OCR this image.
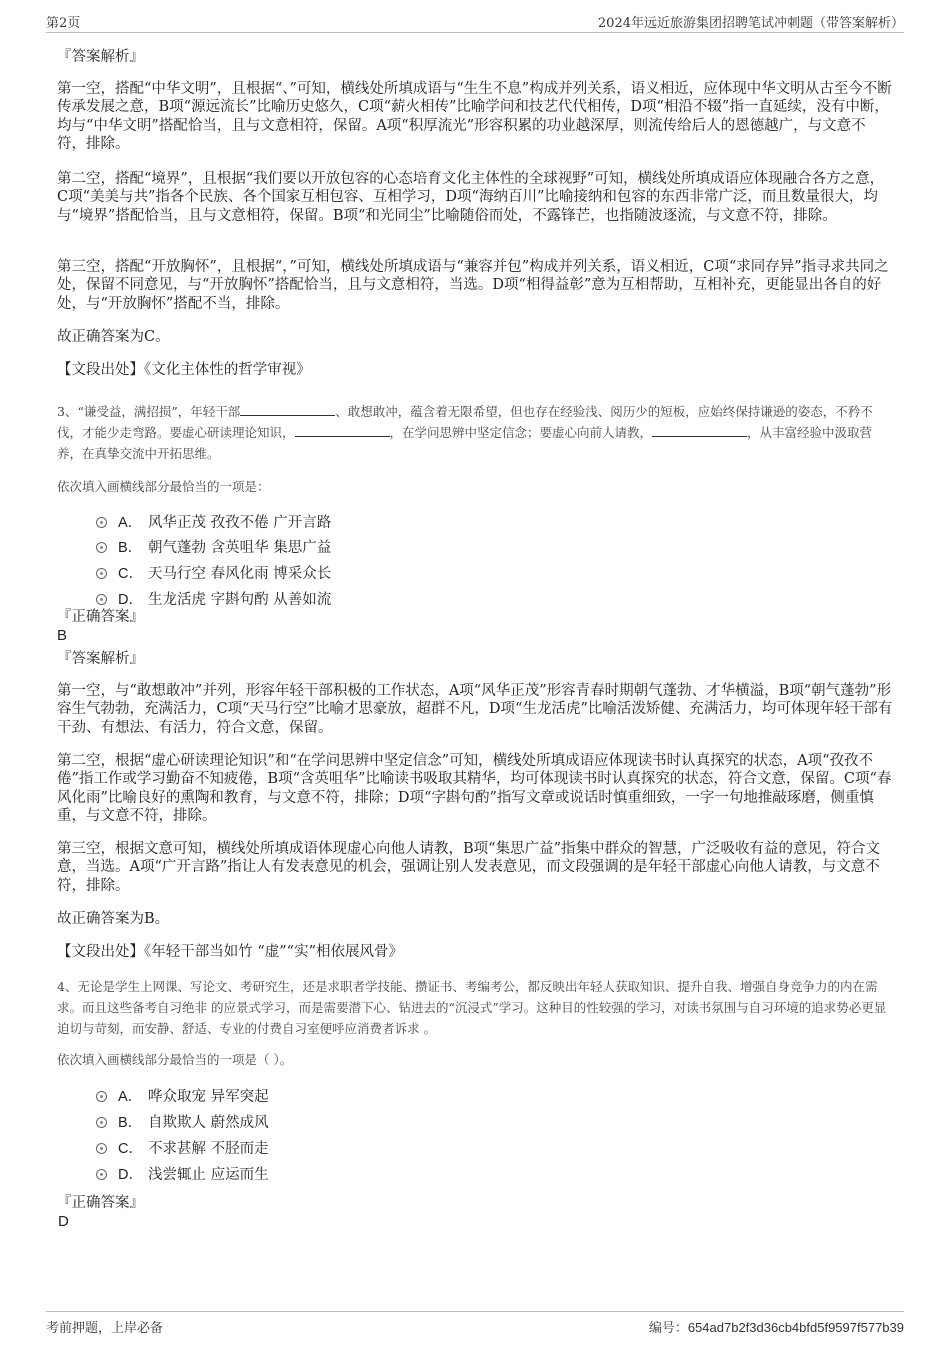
第2页	2024年远近旅游集团招聘笔试冲刺题（带答案解析）

『答案解析』

第一空，搭配“中华文明”，且根据“、”可知，横线处所填成语与“生生不息”构成并列关系，语义相近，应体现中华文明从古至今不断传承发展之意，B项“源远流长”比喻历史悠久，C项“薪火相传”比喻学问和技艺代代相传，D项“相沿不辍”指一直延续，没有中断，均与“中华文明”搭配恰当，且与文意相符，保留。A项“积厚流光”形容积累的功业越深厚，则流传给后人的恩德越广，与文意不符，排除。

第二空，搭配“境界”，且根据“我们要以开放包容的心态培育文化主体性的全球视野”可知，横线处所填成语应体现融合各方之意，C项“美美与共”指各个民族、各个国家互相包容、互相学习，D项“海纳百川”比喻接纳和包容的东西非常广泛，而且数量很大，均与“境界”搭配恰当，且与文意相符，保留。B项“和光同尘”比喻随俗而处，不露锋芒，也指随波逐流，与文意不符，排除。

第三空，搭配“开放胸怀”，且根据“，”可知，横线处所填成语与“兼容并包”构成并列关系，语义相近，C项“求同存异”指寻求共同之处，保留不同意见，与“开放胸怀”搭配恰当，且与文意相符，当选。D项“相得益彰”意为互相帮助，互相补充，更能显出各自的好处，与“开放胸怀”搭配不当，排除。

故正确答案为C。

【文段出处】《文化主体性的哲学审视》

3、“谦受益，满招损”，年轻干部	、敢想敢冲，蕴含着无限希望，但也存在经验浅、阅历少的短板，应始终保持谦逊的姿态，不矜不伐，才能少走弯路。要虚心研读理论知识，	，在学问思辨中坚定信念；要虚心向前人请教，	，从丰富经验中汲取营养，在真挚交流中开拓思维。

依次填入画横线部分最恰当的一项是：

A． 风华正茂 孜孜不倦 广开言路
B． 朝气蓬勃 含英咀华 集思广益
C． 天马行空 春风化雨 博采众长
D． 生龙活虎 字斟句酌 从善如流

『正确答案』

B

『答案解析』

第一空，与“敢想敢冲”并列，形容年轻干部积极的工作状态，A项“风华正茂”形容青春时期朝气蓬勃、才华横溢，B项“朝气蓬勃”形容生气勃勃，充满活力，C项“天马行空”比喻才思豪放，超群不凡，D项“生龙活虎”比喻活泼矫健、充满活力，均可体现年轻干部有干劲、有想法、有活力，符合文意，保留。

第二空，根据“虚心研读理论知识”和“在学问思辨中坚定信念”可知，横线处所填成语应体现读书时认真探究的状态，A项“孜孜不倦”指工作或学习勤奋不知疲倦，B项“含英咀华”比喻读书吸取其精华，均可体现读书时认真探究的状态，符合文意，保留。C项“春风化雨”比喻良好的熏陶和教育，与文意不符，排除；D项“字斟句酌”指写文章或说话时慎重细致，一字一句地推敲琢磨，侧重慎重，与文意不符，排除。

第三空，根据文意可知，横线处所填成语体现虚心向他人请教，B项“集思广益”指集中群众的智慧，广泛吸收有益的意见，符合文意，当选。A项“广开言路”指让人有发表意见的机会，强调让别人发表意见，而文段强调的是年轻干部虚心向他人请教，与文意不符，排除。

故正确答案为B。

【文段出处】《年轻干部当如竹 “虚”“实”相依展风骨》

4、无论是学生上网课、写论文、考研究生，还是求职者学技能、攒证书、考编考公，都反映出年轻人获取知识、提升自我、增强自身竞争力的内在需求。而且这些备考自习绝非 的应景式学习，而是需要潜下心、钻进去的“沉浸式”学习。这种目的性较强的学习，对读书氛围与自习环境的追求势必更显迫切与苛刻，而安静、舒适、专业的付费自习室便呼应消费者诉求 。

依次填入画横线部分最恰当的一项是（ ）。

A． 哗众取宠 异军突起
B． 自欺欺人 蔚然成风
C． 不求甚解 不胫而走
D． 浅尝辄止 应运而生

『正确答案』

D
考前押题，上岸必备	编号：654ad7b2f3d36cb4bfd5f9597f577b39
